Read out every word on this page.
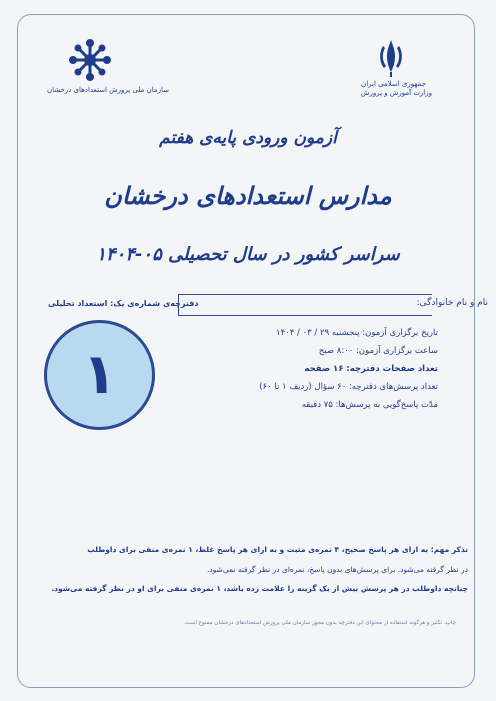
جمهوری اسلامی ایران
وزارت آموزش و پرورش
سازمان ملی پرورش استعدادهای درخشان
آزمون ورودی پایه‌ی هفتم
مدارس استعدادهای درخشان
سراسر کشور در سال تحصیلی ۰۵-۱۴۰۴
نام و نام خانوادگی:
دفترچه‌ی شماره‌ی یک: استعداد تحلیلی
تاریخ برگزاری آزمون: پنجشنبه ۲۹ / ۰۳ / ۱۴۰۴
ساعت برگزاری آزمون: ۸:۰۰ صبح
تعداد صفحات دفترچه: ۱۶ صفحه
تعداد پرسش‌های دفترچه: ۶۰ سؤال (ردیف ۱ تا ۶۰)
مدّت پاسخ‌گویی به پرسش‌ها: ۷۵ دقیقه
۱
تذکر مهم: به ازای هر پاسخ صحیح، ۴ نمره‌ی مثبت و به ازای هر پاسخ غلط، ۱ نمره‌ی منفی برای داوطلب
در نظر گرفته می‌شود. برای پرسش‌های بدون پاسخ، نمره‌ای در نظر گرفته نمی‌شود.
چنانچه داوطلب در هر پرسش بیش از یک گزینه را علامت زده باشد، ۱ نمره‌ی منفی برای او در نظر گرفته می‌شود.
چاپ، تکثیر و هرگونه استفاده از محتوای این دفترچه بدون مجوز سازمان ملی پرورش استعدادهای درخشان ممنوع است.
